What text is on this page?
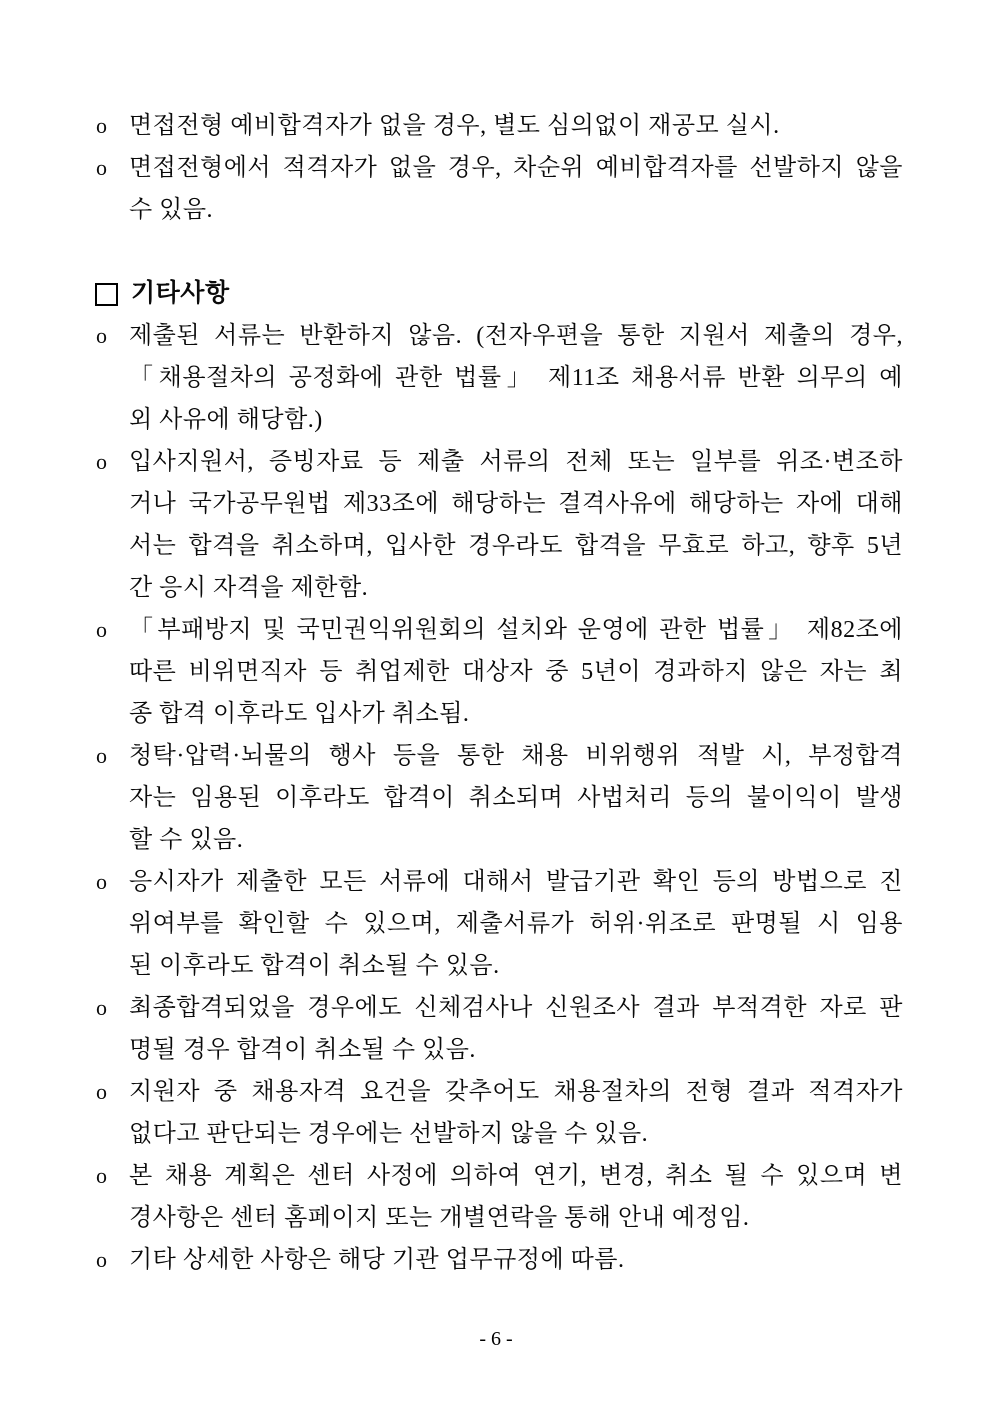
o 면접전형 예비합격자가 없을 경우, 별도 심의없이 재공모 실시.
o 면접전형에서 적격자가 없을 경우, 차순위 예비합격자를 선발하지 않을
수 있음.
기타사항
o 제출된 서류는 반환하지 않음. (전자우편을 통한 지원서 제출의 경우,
「채용절차의 공정화에 관한 법률」 제11조 채용서류 반환 의무의 예
외 사유에 해당함.)
o 입사지원서, 증빙자료 등 제출 서류의 전체 또는 일부를 위조·변조하
거나 국가공무원법 제33조에 해당하는 결격사유에 해당하는 자에 대해
서는 합격을 취소하며, 입사한 경우라도 합격을 무효로 하고, 향후 5년
간 응시 자격을 제한함.
o 「부패방지 및 국민권익위원회의 설치와 운영에 관한 법률」 제82조에
따른 비위면직자 등 취업제한 대상자 중 5년이 경과하지 않은 자는 최
종 합격 이후라도 입사가 취소됨.
o 청탁·압력·뇌물의 행사 등을 통한 채용 비위행위 적발 시, 부정합격
자는 임용된 이후라도 합격이 취소되며 사법처리 등의 불이익이 발생
할 수 있음.
o 응시자가 제출한 모든 서류에 대해서 발급기관 확인 등의 방법으로 진
위여부를 확인할 수 있으며, 제출서류가 허위·위조로 판명될 시 임용
된 이후라도 합격이 취소될 수 있음.
o 최종합격되었을 경우에도 신체검사나 신원조사 결과 부적격한 자로 판
명될 경우 합격이 취소될 수 있음.
o 지원자 중 채용자격 요건을 갖추어도 채용절차의 전형 결과 적격자가
없다고 판단되는 경우에는 선발하지 않을 수 있음.
o 본 채용 계획은 센터 사정에 의하여 연기, 변경, 취소 될 수 있으며 변
경사항은 센터 홈페이지 또는 개별연락을 통해 안내 예정임.
o 기타 상세한 사항은 해당 기관 업무규정에 따름.
- 6 -
